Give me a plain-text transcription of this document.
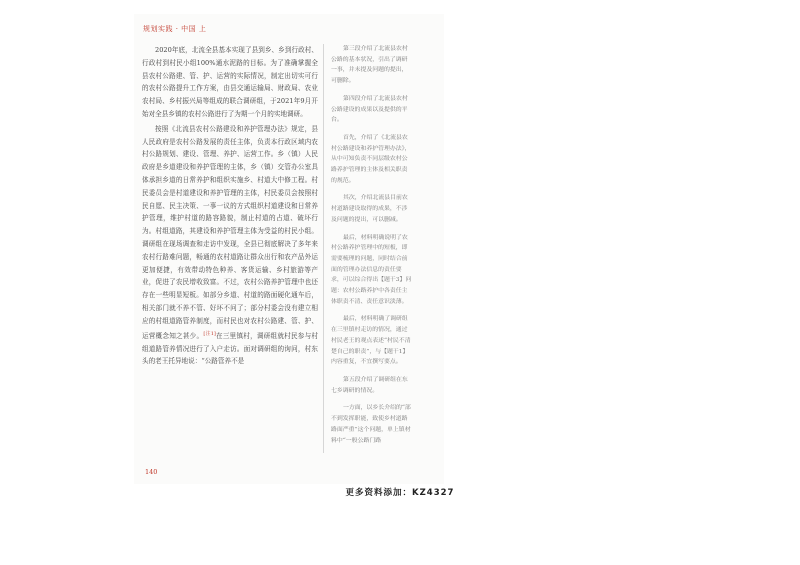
规划实践 · 中国 上

2020年底，北流全县基本实现了县到乡、乡到行政村、行政村到村民小组100%通水泥路的目标。为了准确掌握全县农村公路建、管、护、运营的实际情况，制定出切实可行的农村公路提升工作方案，由县交通运输局、财政局、农业农村局、乡村振兴局等组成的联合调研组，于2021年9月开始对全县乡镇的农村公路进行了为期一个月的实地调研。

按照《北流县农村公路建设和养护管理办法》规定，县人民政府是农村公路发展的责任主体，负责本行政区域内农村公路规划、建设、管理、养护、运营工作。乡（镇）人民政府是乡道建设和养护管理的主体，乡（镇）交管办公室具体承担乡道的日常养护和组织实施乡、村道大中修工程。村民委员会是村道建设和养护管理的主体，村民委员会按照村民自愿、民主决策、一事一议的方式组织村道建设和日常养护管理，维护村道的路容路貌，制止村道的占道、破坏行为。村组道路，其建设和养护管理主体为受益的村民小组。调研组在现场调查和走访中发现，全县已彻底解决了多年来农村行路难问题，畅通的农村道路让群众出行和农产品外运更加便捷，有效带动特色种养、客货运输、乡村旅游等产业，促进了农民增收致富。不过，农村公路养护管理中也还存在一些明显短板。如部分乡道、村道的路面硬化通车后，相关部门就不养不管、好坏不问了；部分村委会没有建立相应的村组道路管养制度，而村民也对农村公路建、管、护、运营概念知之甚少。[注1]在三里镇村，调研组就村民参与村组道路管养情况进行了入户走访。面对调研组的询问，村东头的老王托异地说：“公路管养不是

第三段介绍了北流县农村公路的基本状况，引出了调研一事，并未提及问题的提出，可删除。

第四段介绍了北流县农村公路建设的成果以及提供的平台。

首先，介绍了《北流县农村公路建设和养护管理办法》，从中可知负责不同层级农村公路养护管理的主体及相关职责的规范。

其次，介绍北流县目前农村道路建设取得的成果，不涉及问题的提出，可以删减。

最后，材料明确说明了农村公路养护管理中的短板，即需要梳理的问题，同时结合前面的管理办法信息的责任要求，可以综合得出【题干3】问题：农村公路养护中各责任主体职责不清、责任意识淡薄。

最后，材料明确了调研组在三里镇村走访的情况，通过村民老王的观点表述“村民不清楚自己的职责”，与【题干1】内容重复，不宜撰写要点。

第五段介绍了调研组在东七乡调研的情况。

一方面，以乡长介绍的“部不到发挥职能，致使乡村道路路面严重”这个问题，单上镇材料中“一般公路门路

140
更多资料添加：KZ4327
